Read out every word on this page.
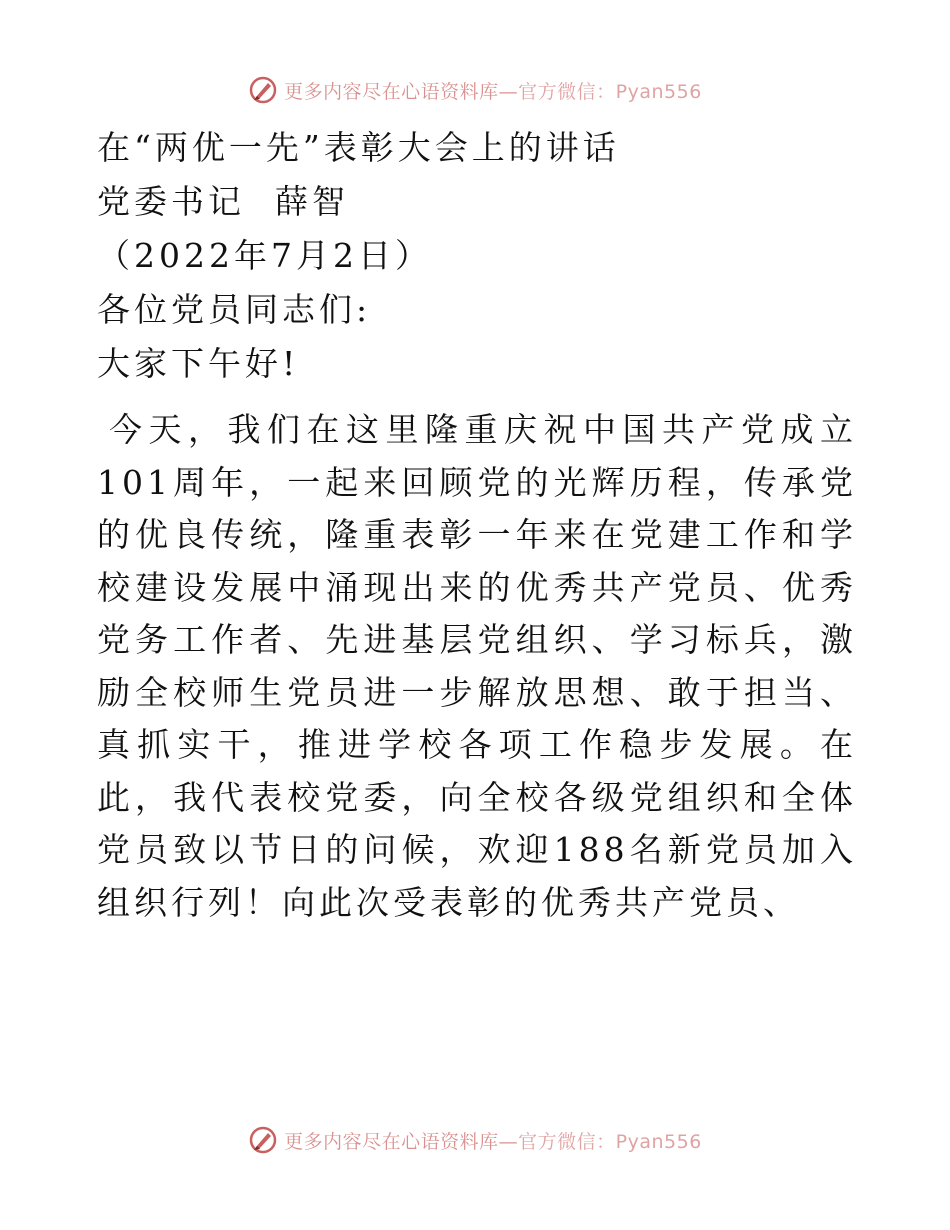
更多内容尽在心语资料库—官方微信：Pyan556
在“两优一先”表彰大会上的讲话
党委书记 薛智
（2022年7月2日）
各位党员同志们:
大家下午好!
今天，我们在这里隆重庆祝中国共产党成立101周年，一起来回顾党的光辉历程，传承党的优良传统，隆重表彰一年来在党建工作和学校建设发展中涌现出来的优秀共产党员、优秀党务工作者、先进基层党组织、学习标兵，激励全校师生党员进一步解放思想、敢于担当、真抓实干，推进学校各项工作稳步发展。在此，我代表校党委，向全校各级党组织和全体党员致以节日的问候，欢迎188名新党员加入组织行列！向此次受表彰的优秀共产党员、
更多内容尽在心语资料库—官方微信：Pyan556
